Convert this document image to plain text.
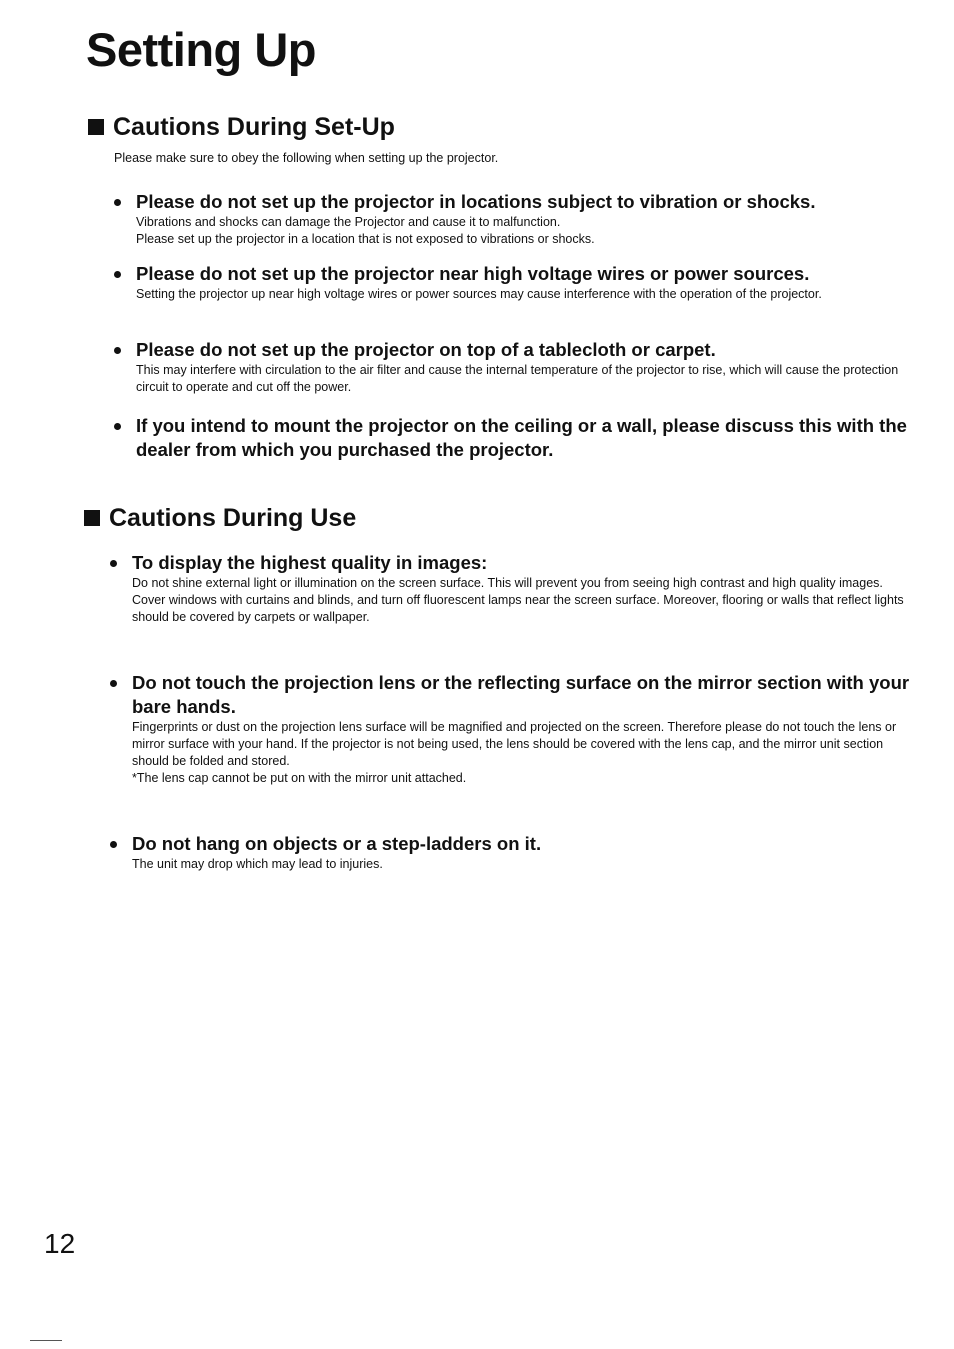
Setting Up
Cautions During Set-Up

Please make sure to obey the following when setting up the projector.

Please do not set up the projector in locations subject to vibration or shocks.

Vibrations and shocks can damage the Projector and cause it to malfunction.

Please set up the projector in a location that is not exposed to vibrations or shocks.

Please do not set up the projector near high voltage wires or power sources.

Setting the projector up near high voltage wires or power sources may cause interference with the operation of the projector.

Please do not set up the projector on top of a tablecloth or carpet.

This may interfere with circulation to the air filter and cause the internal temperature of the projector to rise, which will cause the protection circuit to operate and cut off the power.

If you intend to mount the projector on the ceiling or a wall, please discuss this with the dealer from which you purchased the projector.
Cautions During Use
To display the highest quality in images:

Do not shine external light or illumination on the screen surface. This will prevent you from seeing high contrast and high quality images. Cover windows with curtains and blinds, and turn off fluorescent lamps near the screen surface. Moreover, flooring or walls that reflect lights should be covered by carpets or wallpaper.

Do not touch the projection lens or the reflecting surface on the mirror section with your bare hands.

Fingerprints or dust on the projection lens surface will be magnified and projected on the screen. Therefore please do not touch the lens or mirror surface with your hand. If the projector is not being used, the lens should be covered with the lens cap, and the mirror unit section should be folded and stored.

*The lens cap cannot be put on with the mirror unit attached.

Do not hang on objects or a step-ladders on it.

The unit may drop which may lead to injuries.

12
